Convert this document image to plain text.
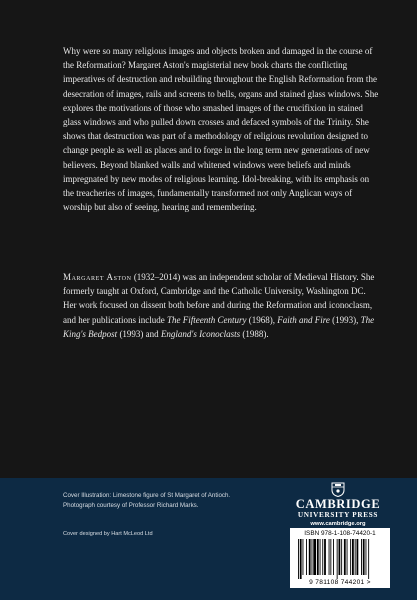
Why were so many religious images and objects broken and damaged in the course of the Reformation? Margaret Aston's magisterial new book charts the conflicting imperatives of destruction and rebuilding throughout the English Reformation from the desecration of images, rails and screens to bells, organs and stained glass windows. She explores the motivations of those who smashed images of the crucifixion in stained glass windows and who pulled down crosses and defaced symbols of the Trinity. She shows that destruction was part of a methodology of religious revolution designed to change people as well as places and to forge in the long term new generations of new believers. Beyond blanked walls and whitened windows were beliefs and minds impregnated by new modes of religious learning. Idol-breaking, with its emphasis on the treacheries of images, fundamentally transformed not only Anglican ways of worship but also of seeing, hearing and remembering.

Margaret Aston (1932–2014) was an independent scholar of Medieval History. She formerly taught at Oxford, Cambridge and the Catholic University, Washington DC. Her work focused on dissent both before and during the Reformation and iconoclasm, and her publications include The Fifteenth Century (1968), Faith and Fire (1993), The King's Bedpost (1993) and England's Iconoclasts (1988).

Cover Illustration: Limestone figure of St Margaret of Antioch. Photograph courtesy of Professor Richard Marks.

Cover designed by Hart McLeod Ltd

CAMBRIDGE
UNIVERSITY PRESS
www.cambridge.org

ISBN 978-1-108-74420-1

9 781108 744201 >
